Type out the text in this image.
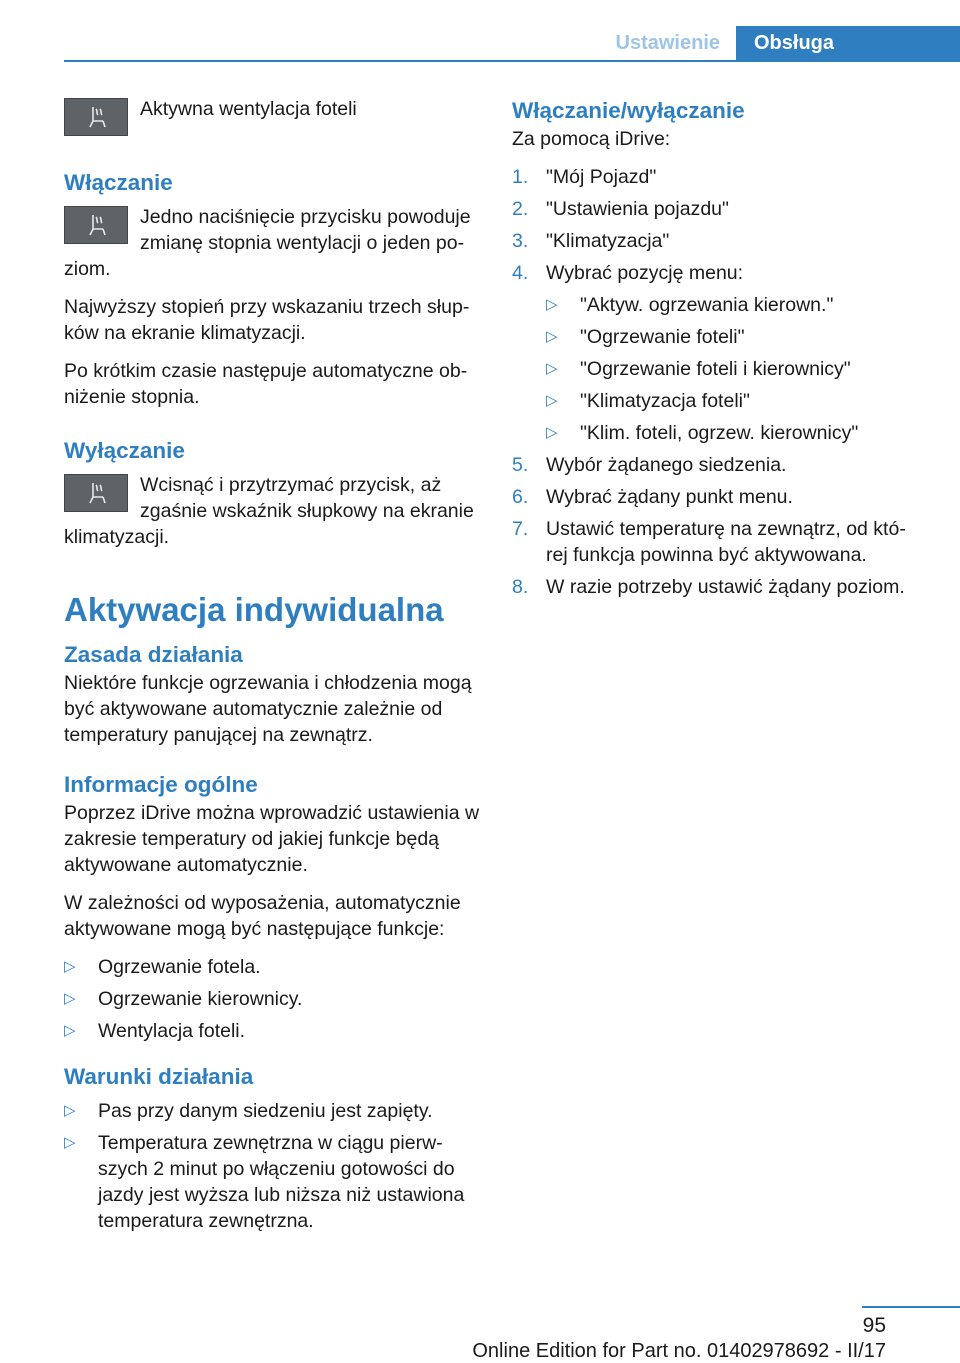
Ustawienie	Obsługa

Aktywna wentylacja foteli

Włączanie

Jedno naciśnięcie przycisku powoduje zmianę stopnia wentylacji o jeden po‐ziom.

Najwyższy stopień przy wskazaniu trzech słup‐ków na ekranie klimatyzacji.

Po krótkim czasie następuje automatyczne ob‐niżenie stopnia.

Wyłączanie

Wcisnąć i przytrzymać przycisk, aż zgaśnie wskaźnik słupkowy na ekranie klimatyzacji.

Aktywacja indywidualna
Zasada działania

Niektóre funkcje ogrzewania i chłodzenia mogą być aktywowane automatycznie zależnie od temperatury panującej na zewnątrz.

Informacje ogólne

Poprzez iDrive można wprowadzić ustawienia w zakresie temperatury od jakiej funkcje będą aktywowane automatycznie.

W zależności od wyposażenia, automatycznie aktywowane mogą być następujące funkcje:

▷ Ogrzewanie fotela.
▷ Ogrzewanie kierownicy.
▷ Wentylacja foteli.
Warunki działania
▷ Pas przy danym siedzeniu jest zapięty.
▷ Temperatura zewnętrzna w ciągu pierw‐szych 2 minut po włączeniu gotowości do jazdy jest wyższa lub niższa niż ustawiona temperatura zewnętrzna.
Włączanie/wyłączanie

Za pomocą iDrive:

1. "Mój Pojazd"
2. "Ustawienia pojazdu"
3. "Klimatyzacja"
4. Wybrać pozycję menu:
▷ "Aktyw. ogrzewania kierown."
▷ "Ogrzewanie foteli"
▷ "Ogrzewanie foteli i kierownicy"
▷ "Klimatyzacja foteli"
▷ "Klim. foteli, ogrzew. kierownicy"
5. Wybór żądanego siedzenia.
6. Wybrać żądany punkt menu.
7. Ustawić temperaturę na zewnątrz, od któ‐rej funkcja powinna być aktywowana.
8. W razie potrzeby ustawić żądany poziom.
95
Online Edition for Part no. 01402978692 - II/17
